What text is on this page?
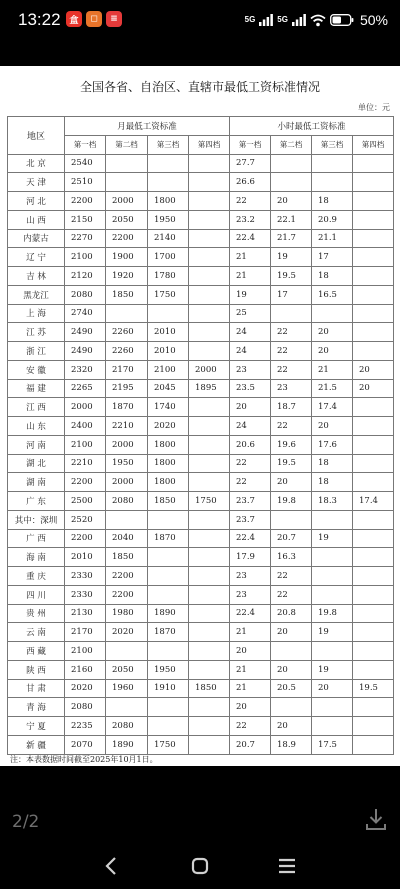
13:22 盒	◻	≡	5G	5G	50%
全国各省、自治区、直辖市最低工资标准情况
单位：元
地区	月最低工资标准				小时最低工资标准			
	第一档	第二档	第三档	第四档	第一档	第二档	第三档	第四档
北 京	2540				27.7			
天 津	2510				26.6			
河 北	2200	2000	1800		22	20	18	
山 西	2150	2050	1950		23.2	22.1	20.9	
内蒙古	2270	2200	2140		22.4	21.7	21.1	
辽 宁	2100	1900	1700		21	19	17	
吉 林	2120	1920	1780		21	19.5	18	
黑龙江	2080	1850	1750		19	17	16.5	
上 海	2740				25			
江 苏	2490	2260	2010		24	22	20	
浙 江	2490	2260	2010		24	22	20	
安 徽	2320	2170	2100	2000	23	22	21	20
福 建	2265	2195	2045	1895	23.5	23	21.5	20
江 西	2000	1870	1740		20	18.7	17.4	
山 东	2400	2210	2020		24	22	20	
河 南	2100	2000	1800		20.6	19.6	17.6	
湖 北	2210	1950	1800		22	19.5	18	
湖 南	2200	2000	1800		22	20	18	
广 东	2500	2080	1850	1750	23.7	19.8	18.3	17.4
其中：深圳	2520				23.7			
广 西	2200	2040	1870		22.4	20.7	19	
海 南	2010	1850			17.9	16.3		
重 庆	2330	2200			23	22		
四 川	2330	2200			23	22		
贵 州	2130	1980	1890		22.4	20.8	19.8	
云 南	2170	2020	1870		21	20	19	
西 藏	2100				20			
陕 西	2160	2050	1950		21	20	19	
甘 肃	2020	1960	1910	1850	21	20.5	20	19.5
青 海	2080				20			
宁 夏	2235	2080			22	20		
新 疆	2070	1890	1750		20.7	18.9	17.5	
注：本表数据时间截至2025年10月1日。
2/2
